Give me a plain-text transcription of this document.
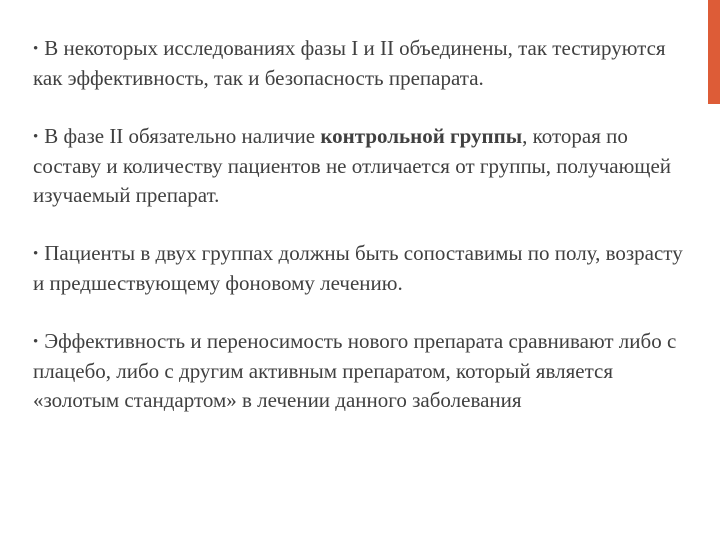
• В некоторых исследованиях фазы I и II объединены, так тестируются как эффективность, так и безопасность препарата.
• В фазе II обязательно наличие контрольной группы, которая по составу и количеству пациентов не отличается от группы, получающей изучаемый препарат.
• Пациенты в двух группах должны быть сопоставимы по полу, возрасту и предшествующему фоновому лечению.
• Эффективность и переносимость нового препарата сравнивают либо с плацебо, либо с другим активным препаратом, который является «золотым стандартом» в лечении данного заболевания
